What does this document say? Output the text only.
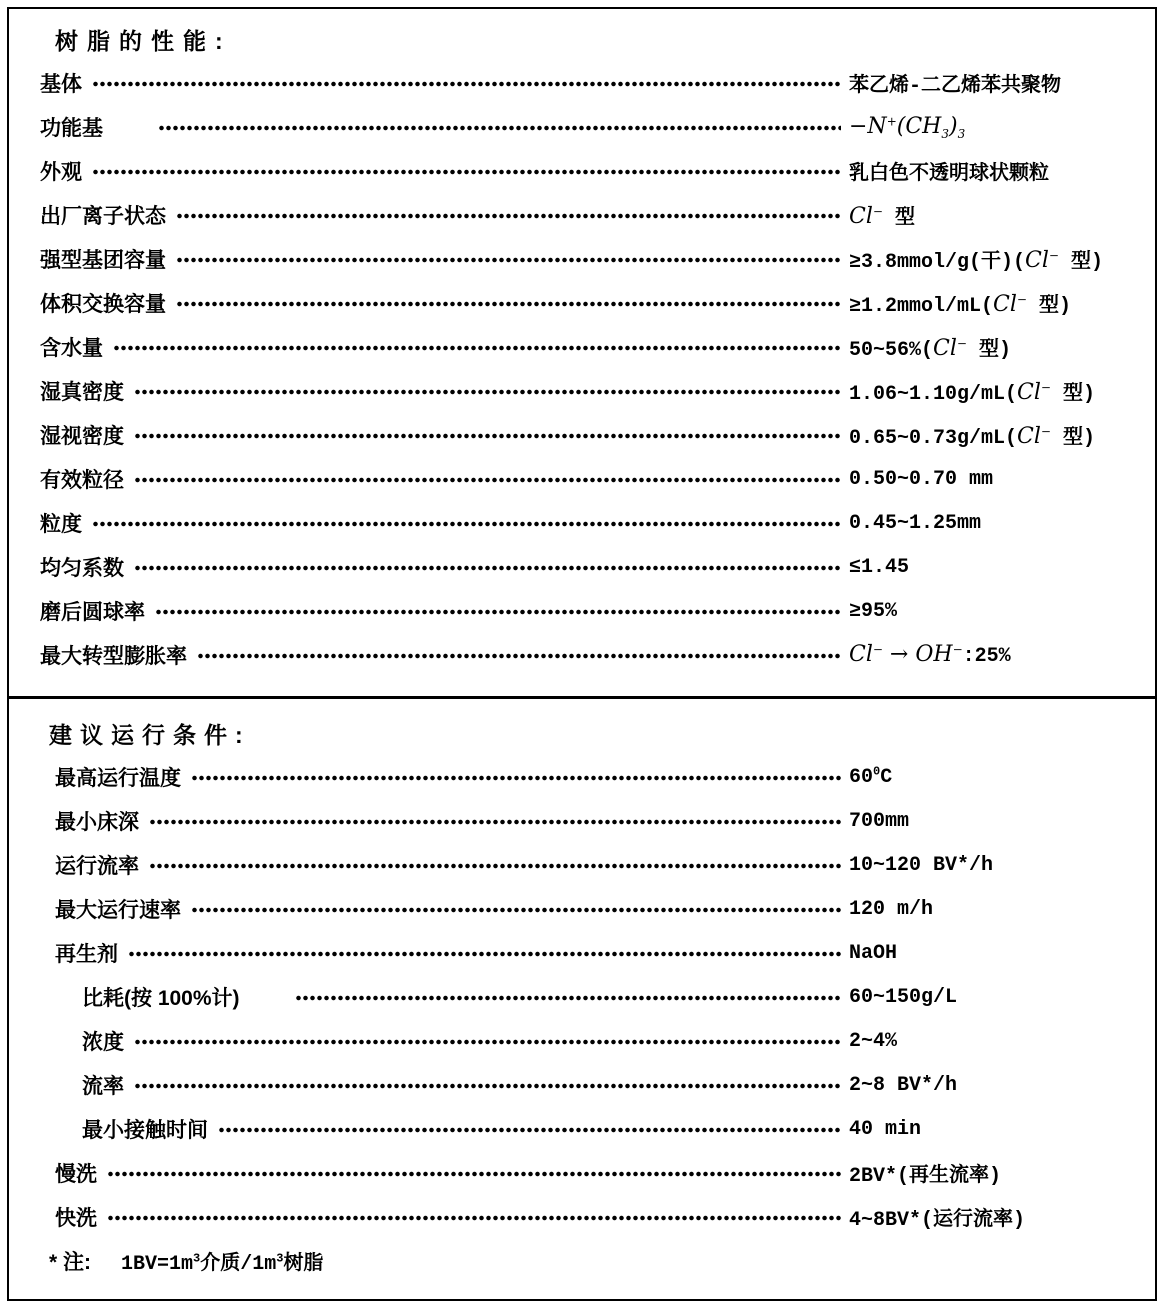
树脂的性能:
基体	苯乙烯-二乙烯苯共聚物
功能基	$-N^+(CH_3)_3$
外观	乳白色不透明球状颗粒
出厂离子状态	Cl− 型
强型基团容量	≥3.8mmol/g(干)(Cl− 型)
体积交换容量	≥1.2mmol/mL(Cl− 型)
含水量	50~56%(Cl− 型)
湿真密度	1.06~1.10g/mL(Cl− 型)
湿视密度	0.65~0.73g/mL(Cl− 型)
有效粒径	0.50~0.70 mm
粒度	0.45~1.25mm
均匀系数	≤1.45
磨后圆球率	≥95%
最大转型膨胀率	Cl− → OH−:25%
建议运行条件:
最高运行温度	$60^0C$
最小床深	700mm
运行流率	10~120 BV*/h
最大运行速率	120 m/h
再生剂	NaOH
比耗(按 100%计)	60~150g/L
浓度	2~4%
流率	2~8 BV*/h
最小接触时间	40 min
慢洗	2BV*(再生流率)
快洗	4~8BV*(运行流率)
* 注: $1BV=1m^3$介质$/1m^3$树脂
